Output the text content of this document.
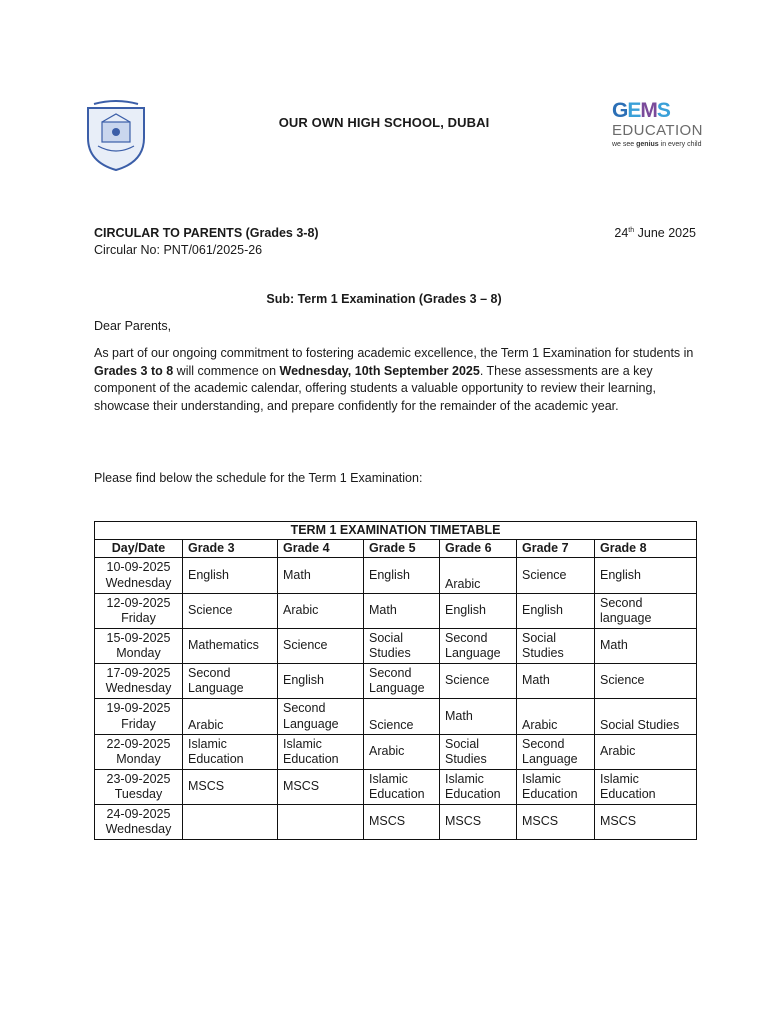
OUR OWN HIGH SCHOOL, DUBAI
G E M S
EDUCATION
we see genius in every child
CIRCULAR TO PARENTS (Grades 3-8)
Circular No: PNT/061/2025-26
24th June 2025
Sub: Term 1 Examination (Grades 3 – 8)
Dear Parents,
As part of our ongoing commitment to fostering academic excellence, the Term 1 Examination for students in Grades 3 to 8 will commence on Wednesday, 10th September 2025. These assessments are a key component of the academic calendar, offering students a valuable opportunity to review their learning, showcase their understanding, and prepare confidently for the remainder of the academic year.
Please find below the schedule for the Term 1 Examination:
TERM 1 EXAMINATION TIMETABLE						
Day/Date	Grade 3	Grade 4	Grade 5	Grade 6	Grade 7	Grade 8
10-09-2025
Wednesday	English	Math	English	Arabic	Science	English
12-09-2025
Friday	Science	Arabic	Math	English	English	Second language
15-09-2025
Monday	Mathematics	Science	Social Studies	Second Language	Social Studies	Math
17-09-2025
Wednesday	Second Language	English	Second Language	Science	Math	Science
19-09-2025
Friday	Arabic	Second Language	Science	Math	Arabic	Social Studies
22-09-2025
Monday	Islamic Education	Islamic Education	Arabic	Social Studies	Second Language	Arabic
23-09-2025
Tuesday	MSCS	MSCS	Islamic Education	Islamic Education	Islamic Education	Islamic Education
24-09-2025
Wednesday			MSCS	MSCS	MSCS	MSCS
